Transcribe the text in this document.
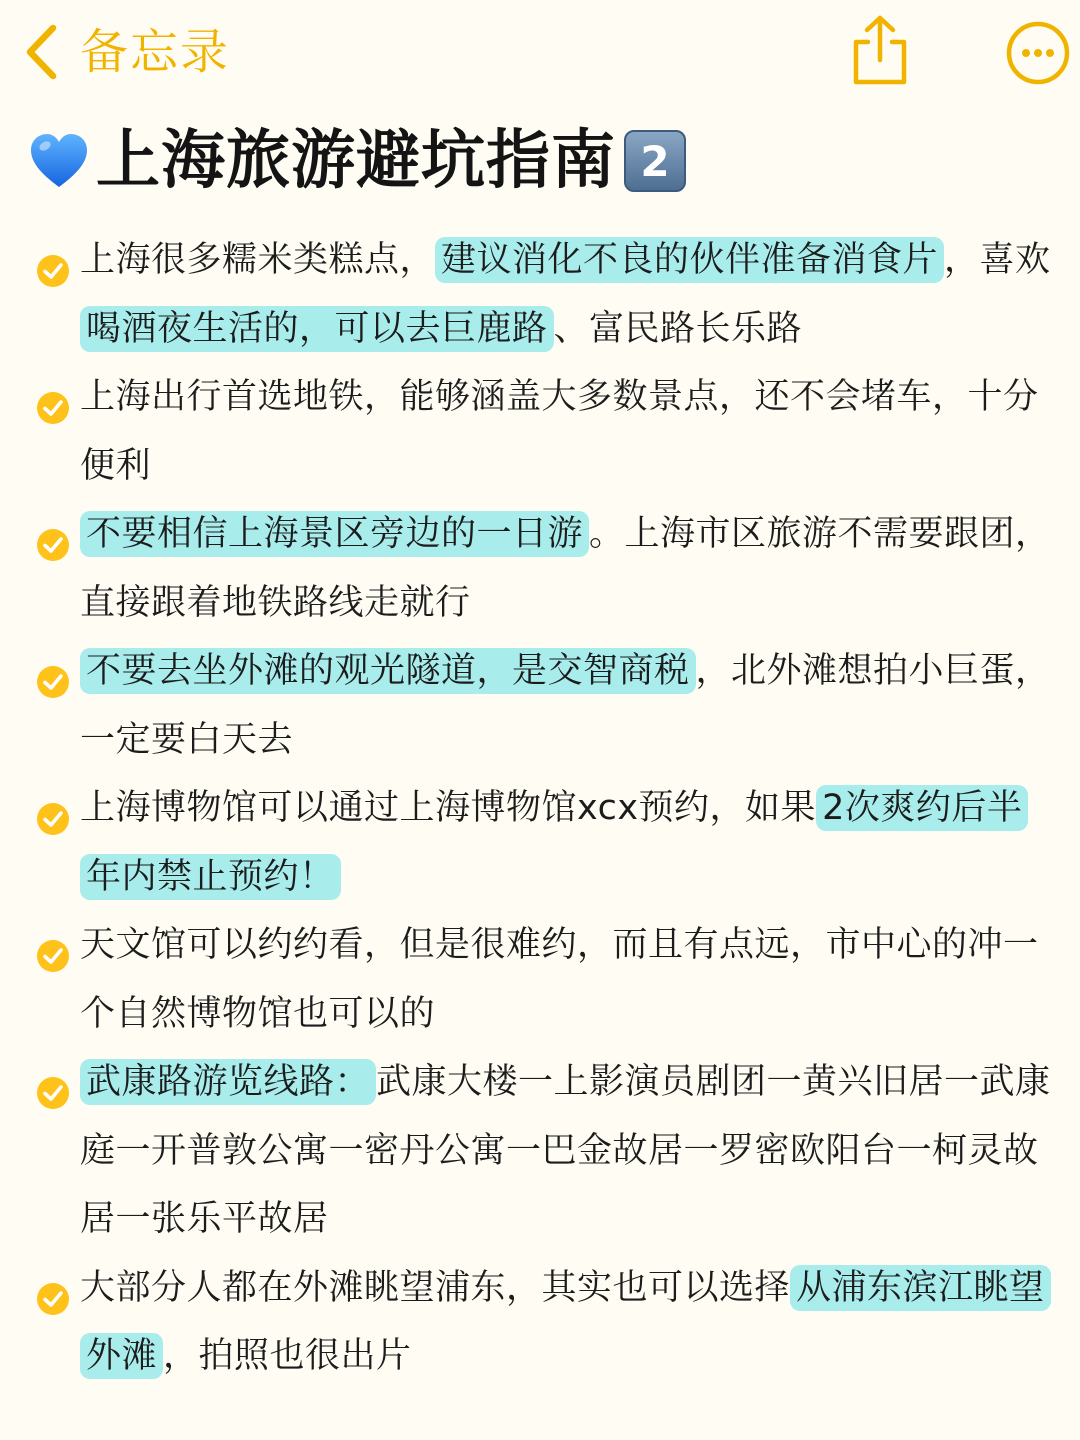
备忘录
上海旅游避坑指南 2
上海很多糯米类糕点， 建议消化不良的伙伴准备消食片 ，喜欢喝酒夜生活的，可以去巨鹿路 、富民路长乐路
上海出行首选地铁，能够涵盖大多数景点，还不会堵车，十分便利
不要相信上海景区旁边的一日游 。上海市区旅游不需要跟团，直接跟着地铁路线走就行
不要去坐外滩的观光隧道，是交智商税 ，北外滩想拍小巨蛋，一定要白天去
上海博物馆可以通过上海博物馆xcx预约，如果 2次爽约后半年内禁止预约！
天文馆可以约约看，但是很难约，而且有点远，市中心的冲一个自然博物馆也可以的
武康路游览线路： 武康大楼一上影演员剧团一黄兴旧居一武康庭一开普敦公寓一密丹公寓一巴金故居一罗密欧阳台一柯灵故居一张乐平故居
大部分人都在外滩眺望浦东，其实也可以选择 从浦东滨江眺望外滩 ，拍照也很出片
